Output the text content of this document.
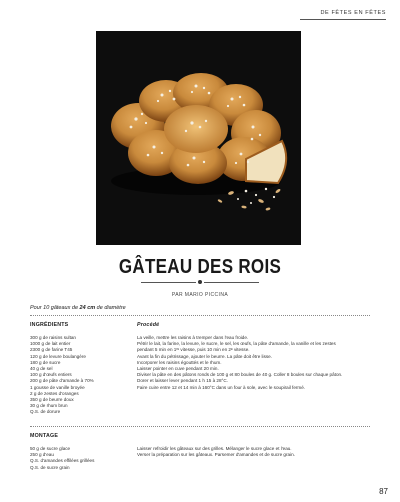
DE FÊTES EN FÊTES
GÂTEAU DES ROIS
PAR MARIO PICCINA
Pour 10 gâteaux de 24 cm de diamètre
INGRÉDIENTS	Procédé
300 g de raisins sultan
1000 g de lait entier
2300 g de farine T45
120 g de levure boulangère
180 g de sucre
40 g de sel
100 g d'œufs entiers
200 g de pâte d'amande à 70%
1 gousse de vanille broyée
2 g de zestes d'oranges
350 g de beurre doux
30 g de rhum brun
Q.S. de dorure
La veille, mettre les raisins à tremper dans l'eau froide.
Pétrir le lait, la farine, la levure, le sucre, le sel, les œufs, la pâte d'amande, la vanille et les zestes
pendant 5 min en 1ʳᵉ vitesse, puis 10 min en 2ᵉ vitesse.
Avant la fin du pétrissage, ajouter le beurre. La pâte doit être lisse.
Incorporer les raisins égouttés et le rhum.
Laisser pointer en cuve pendant 20 min.
Diviser la pâte en des pâtons ronds de 100 g et 80 boules de 40 g. Coller 8 boules sur chaque pâton.
Dorer et laisser lever pendant 1 h 15 à 28°C.
Faire cuire entre 12 et 14 min à 160°C dans un four à sole, avec le soupirail fermé.
MONTAGE
50 g de sucre glace
250 g d'eau
Q.S. d'amandes effilées grillées
Q.S. de sucre grain
Laisser refroidir les gâteaux sur des grilles. Mélanger le sucre glace et l'eau.
Verser la préparation sur les gâteaux. Parsemer d'amandes et de sucre grain.
87
